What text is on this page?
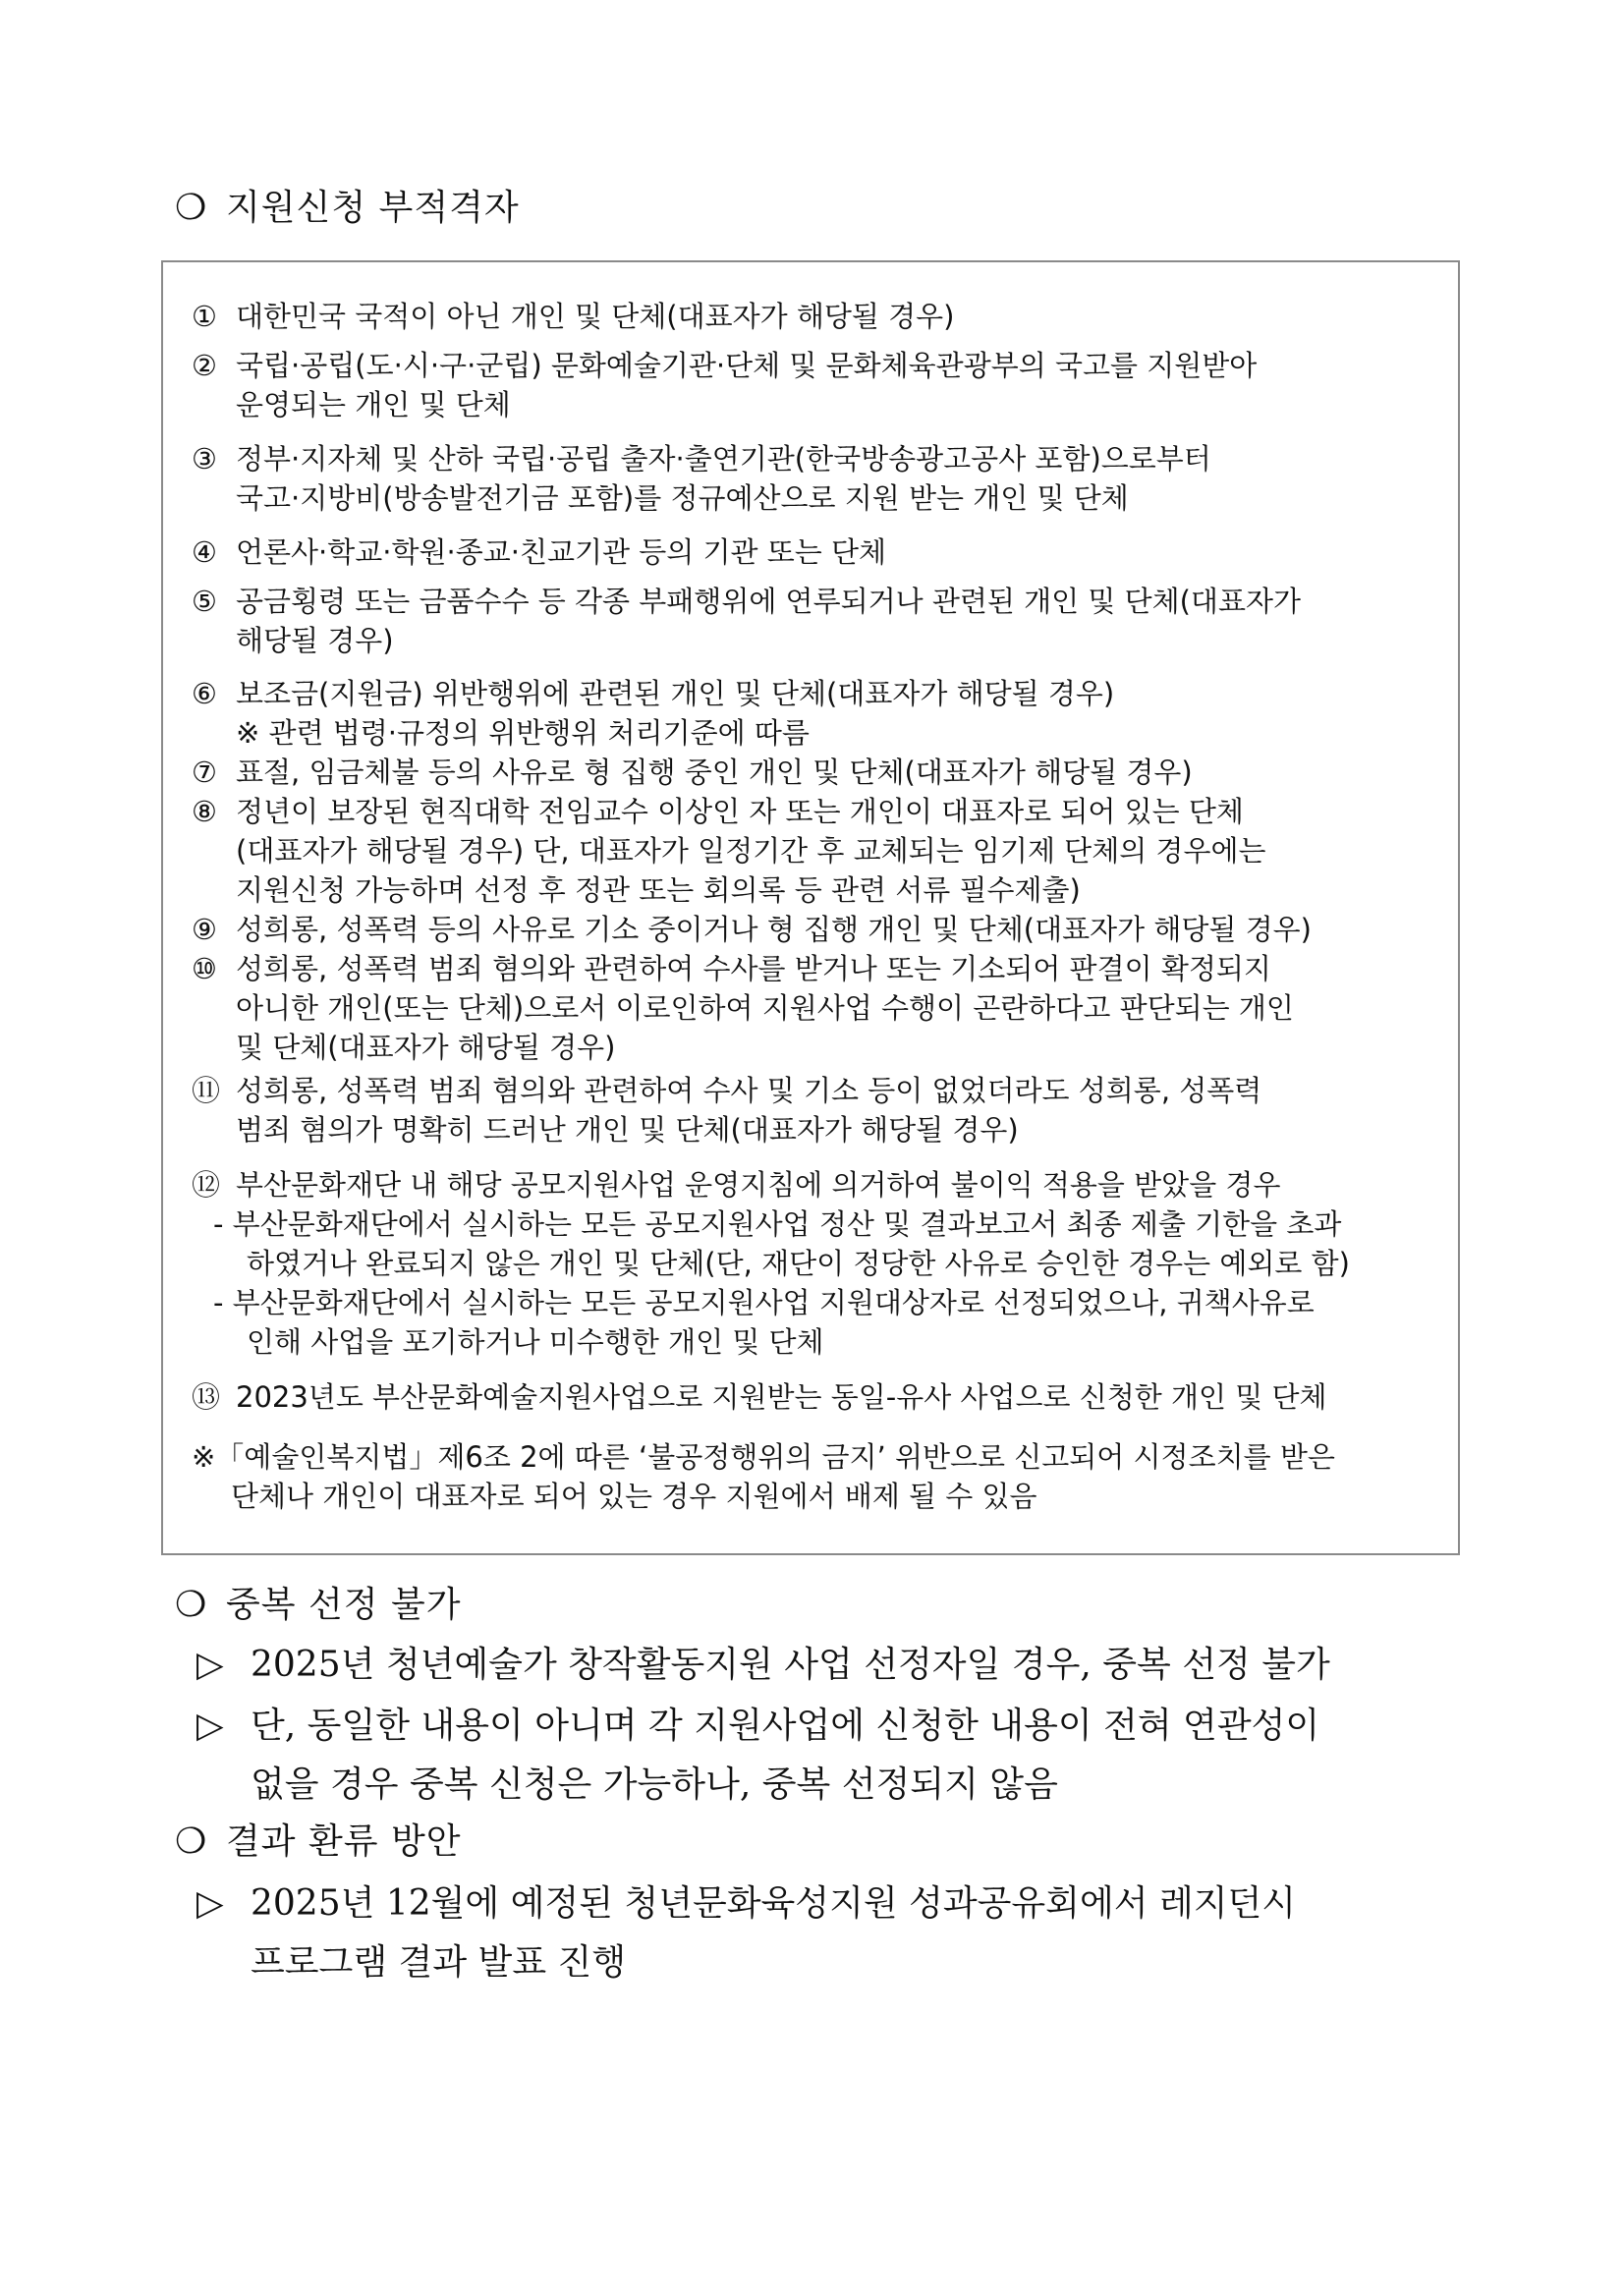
❍ 지원신청 부적격자
① 대한민국 국적이 아닌 개인 및 단체(대표자가 해당될 경우)
② 국립·공립(도·시·구·군립) 문화예술기관·단체 및 문화체육관광부의 국고를 지원받아
운영되는 개인 및 단체
③ 정부·지자체 및 산하 국립·공립 출자·출연기관(한국방송광고공사 포함)으로부터
국고·지방비(방송발전기금 포함)를 정규예산으로 지원 받는 개인 및 단체
④ 언론사·학교·학원·종교·친교기관 등의 기관 또는 단체
⑤ 공금횡령 또는 금품수수 등 각종 부패행위에 연루되거나 관련된 개인 및 단체(대표자가
해당될 경우)
⑥ 보조금(지원금) 위반행위에 관련된 개인 및 단체(대표자가 해당될 경우)
※ 관련 법령·규정의 위반행위 처리기준에 따름
⑦ 표절, 임금체불 등의 사유로 형 집행 중인 개인 및 단체(대표자가 해당될 경우)
⑧ 정년이 보장된 현직대학 전임교수 이상인 자 또는 개인이 대표자로 되어 있는 단체
(대표자가 해당될 경우) 단, 대표자가 일정기간 후 교체되는 임기제 단체의 경우에는
지원신청 가능하며 선정 후 정관 또는 회의록 등 관련 서류 필수제출)
⑨ 성희롱, 성폭력 등의 사유로 기소 중이거나 형 집행 개인 및 단체(대표자가 해당될 경우)
⑩ 성희롱, 성폭력 범죄 혐의와 관련하여 수사를 받거나 또는 기소되어 판결이 확정되지
아니한 개인(또는 단체)으로서 이로인하여 지원사업 수행이 곤란하다고 판단되는 개인
및 단체(대표자가 해당될 경우)
⑪ 성희롱, 성폭력 범죄 혐의와 관련하여 수사 및 기소 등이 없었더라도 성희롱, 성폭력
범죄 혐의가 명확히 드러난 개인 및 단체(대표자가 해당될 경우)
⑫ 부산문화재단 내 해당 공모지원사업 운영지침에 의거하여 불이익 적용을 받았을 경우
- 부산문화재단에서 실시하는 모든 공모지원사업 정산 및 결과보고서 최종 제출 기한을 초과
하였거나 완료되지 않은 개인 및 단체(단, 재단이 정당한 사유로 승인한 경우는 예외로 함)
- 부산문화재단에서 실시하는 모든 공모지원사업 지원대상자로 선정되었으나, 귀책사유로
인해 사업을 포기하거나 미수행한 개인 및 단체
⑬ 2023년도 부산문화예술지원사업으로 지원받는 동일-유사 사업으로 신청한 개인 및 단체
※「예술인복지법」제6조 2에 따른 ‘불공정행위의 금지’ 위반으로 신고되어 시정조치를 받은
단체나 개인이 대표자로 되어 있는 경우 지원에서 배제 될 수 있음
❍ 중복 선정 불가
▷ 2025년 청년예술가 창작활동지원 사업 선정자일 경우, 중복 선정 불가
▷ 단, 동일한 내용이 아니며 각 지원사업에 신청한 내용이 전혀 연관성이
없을 경우 중복 신청은 가능하나, 중복 선정되지 않음
❍ 결과 환류 방안
▷ 2025년 12월에 예정된 청년문화육성지원 성과공유회에서 레지던시
프로그램 결과 발표 진행
